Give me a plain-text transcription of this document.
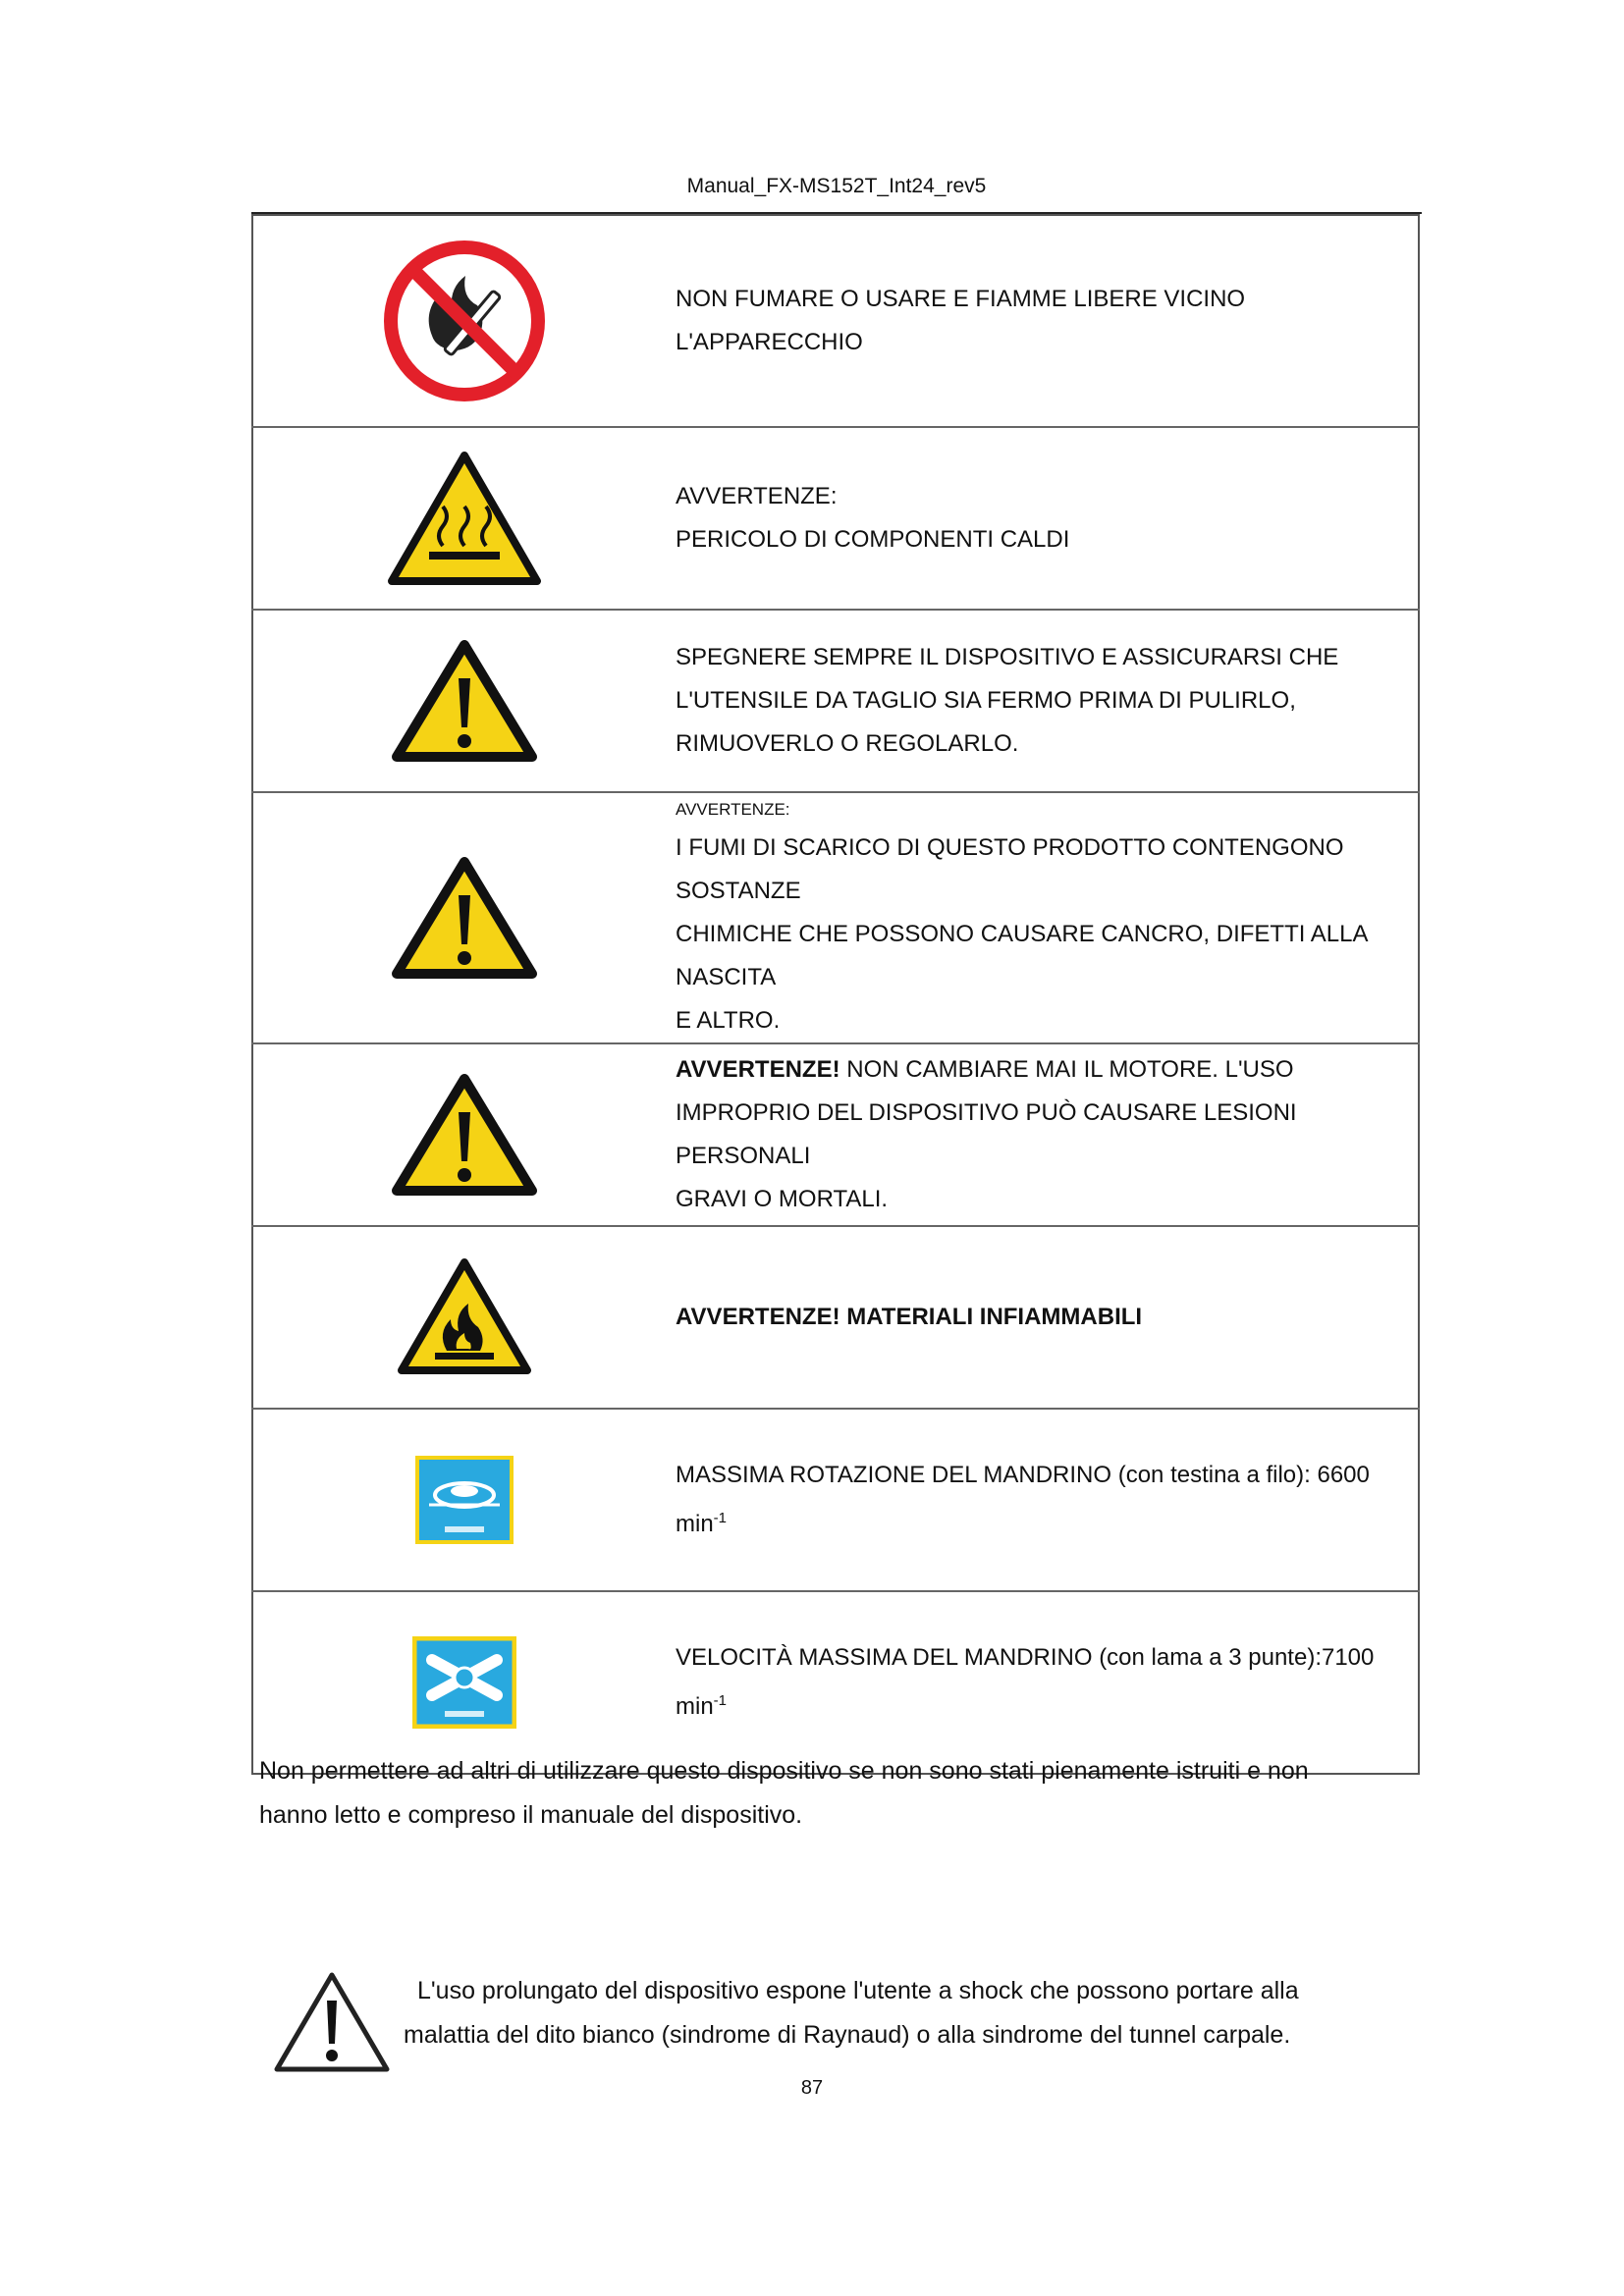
Manual_FX-MS152T_Int24_rev5
	NON FUMARE O USARE E FIAMME LIBERE VICINO
L'APPARECCHIO
	AVVERTENZE:
PERICOLO DI COMPONENTI CALDI
	SPEGNERE SEMPRE IL DISPOSITIVO E ASSICURARSI CHE
L'UTENSILE DA TAGLIO SIA FERMO PRIMA DI PULIRLO,
RIMUOVERLO O REGOLARLO.

AVVERTENZE:
I FUMI DI SCARICO DI QUESTO PRODOTTO CONTENGONO SOSTANZE
CHIMICHE CHE POSSONO CAUSARE CANCRO, DIFETTI ALLA NASCITA
E ALTRO.
	AVVERTENZE! NON CAMBIARE MAI IL MOTORE. L'USO
IMPROPRIO DEL DISPOSITIVO PUÒ CAUSARE LESIONI PERSONALI
GRAVI O MORTALI.
	AVVERTENZE! MATERIALI INFIAMMABILI
	MASSIMA ROTAZIONE DEL MANDRINO (con testina a filo): 6600
$\min^{-1}$
	VELOCITÀ MASSIMA DEL MANDRINO (con lama a 3 punte):7100
$\min^{-1}$
Non permettere ad altri di utilizzare questo dispositivo se non sono stati pienamente istruiti e non
hanno letto e compreso il manuale del dispositivo.
L'uso prolungato del dispositivo espone l'utente a shock che possono portare alla
malattia del dito bianco (sindrome di Raynaud) o alla sindrome del tunnel carpale.
87
